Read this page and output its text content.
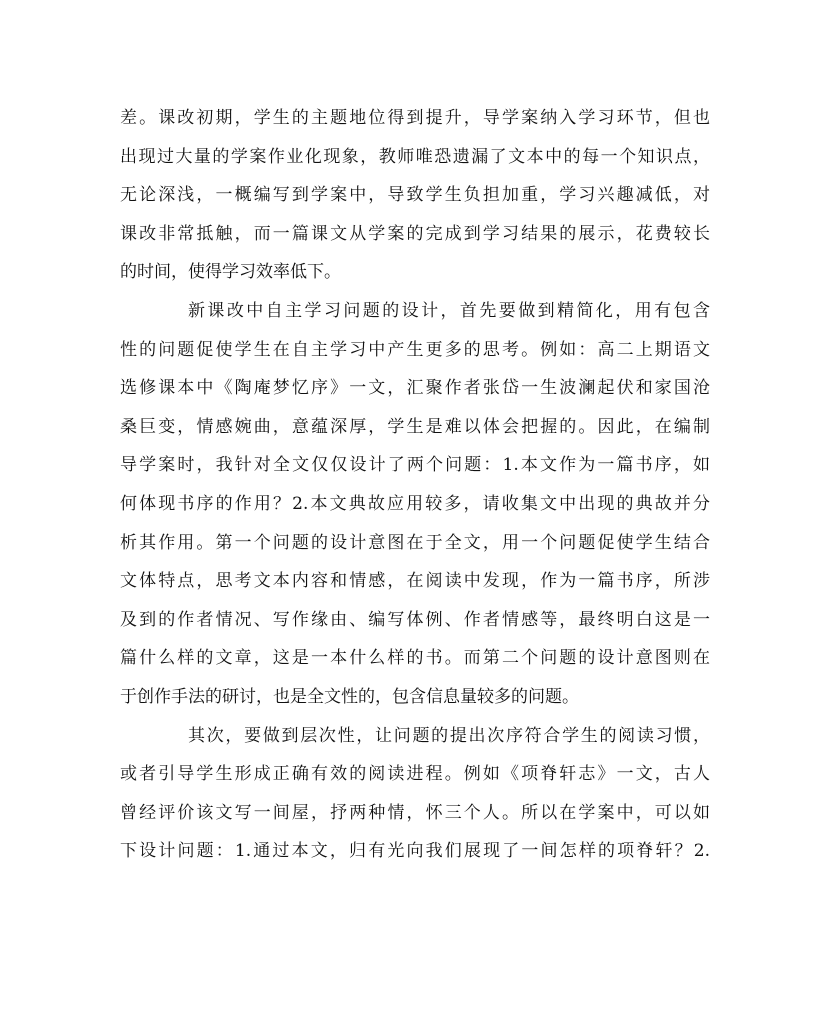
差。课改初期，学生的主题地位得到提升，导学案纳入学习环节，但也
出现过大量的学案作业化现象，教师唯恐遗漏了文本中的每一个知识点，
无论深浅，一概编写到学案中，导致学生负担加重，学习兴趣减低，对
课改非常抵触，而一篇课文从学案的完成到学习结果的展示，花费较长
的时间，使得学习效率低下。
新课改中自主学习问题的设计，首先要做到精简化，用有包含
性的问题促使学生在自主学习中产生更多的思考。例如：高二上期语文
选修课本中《陶庵梦忆序》一文，汇聚作者张岱一生波澜起伏和家国沧
桑巨变，情感婉曲，意蕴深厚，学生是难以体会把握的。因此，在编制
导学案时，我针对全文仅仅设计了两个问题：1.本文作为一篇书序，如
何体现书序的作用？2.本文典故应用较多，请收集文中出现的典故并分
析其作用。第一个问题的设计意图在于全文，用一个问题促使学生结合
文体特点，思考文本内容和情感，在阅读中发现，作为一篇书序，所涉
及到的作者情况、写作缘由、编写体例、作者情感等，最终明白这是一
篇什么样的文章，这是一本什么样的书。而第二个问题的设计意图则在
于创作手法的研讨，也是全文性的，包含信息量较多的问题。
其次，要做到层次性，让问题的提出次序符合学生的阅读习惯，
或者引导学生形成正确有效的阅读进程。例如《项脊轩志》一文，古人
曾经评价该文写一间屋，抒两种情，怀三个人。所以在学案中，可以如
下设计问题：1.通过本文，归有光向我们展现了一间怎样的项脊轩？2.
